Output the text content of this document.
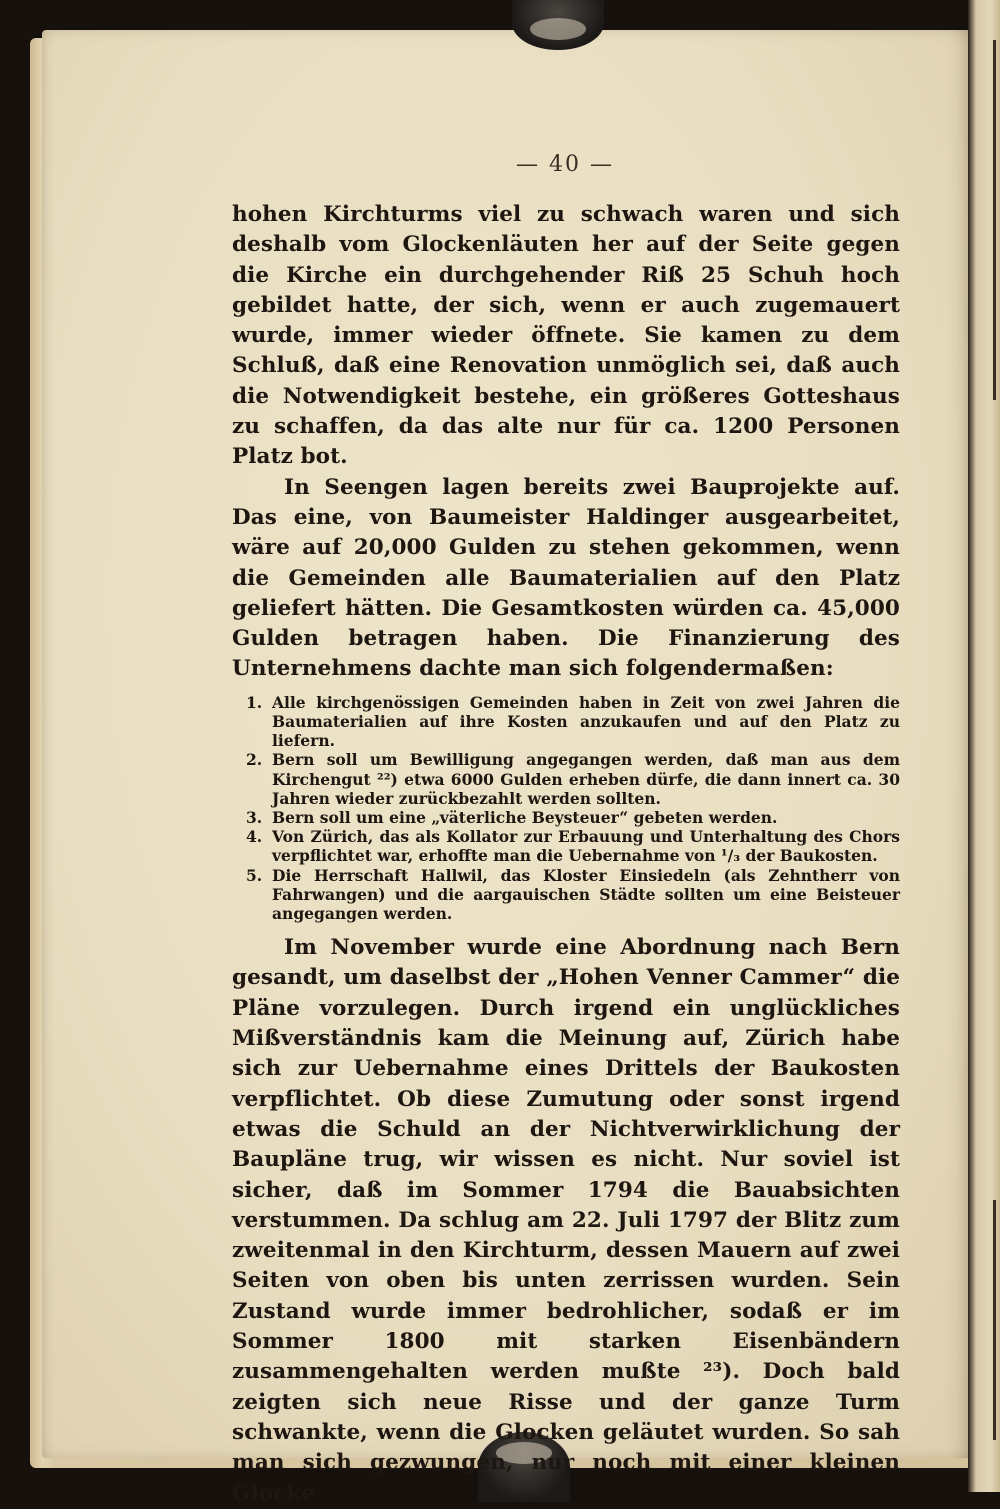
— 40 —

hohen Kirchturms viel zu schwach waren und sich deshalb vom Glockenläuten her auf der Seite gegen die Kirche ein durchgehender Riß 25 Schuh hoch gebildet hatte, der sich, wenn er auch zugemauert wurde, immer wieder öffnete. Sie kamen zu dem Schluß, daß eine Renovation unmöglich sei, daß auch die Notwendigkeit bestehe, ein größeres Gotteshaus zu schaffen, da das alte nur für ca. 1200 Personen Platz bot.

In Seengen lagen bereits zwei Bauprojekte auf. Das eine, von Baumeister Haldinger ausgearbeitet, wäre auf 20,000 Gulden zu stehen gekommen, wenn die Gemeinden alle Baumaterialien auf den Platz geliefert hätten. Die Gesamtkosten würden ca. 45,000 Gulden betragen haben. Die Finanzierung des Unternehmens dachte man sich folgendermaßen:

1. Alle kirchgenössigen Gemeinden haben in Zeit von zwei Jahren die Baumaterialien auf ihre Kosten anzukaufen und auf den Platz zu liefern.
2. Bern soll um Bewilligung angegangen werden, daß man aus dem Kirchengut ²²) etwa 6000 Gulden erheben dürfe, die dann innert ca. 30 Jahren wieder zurückbezahlt werden sollten.
3. Bern soll um eine „väterliche Beysteuer“ gebeten werden.
4. Von Zürich, das als Kollator zur Erbauung und Unterhaltung des Chors verpflichtet war, erhoffte man die Uebernahme von ¹/₃ der Baukosten.
5. Die Herrschaft Hallwil, das Kloster Einsiedeln (als Zehntherr von Fahrwangen) und die aargauischen Städte sollten um eine Beisteuer angegangen werden.

Im November wurde eine Abordnung nach Bern gesandt, um daselbst der „Hohen Venner Cammer“ die Pläne vorzulegen. Durch irgend ein unglückliches Mißverständnis kam die Meinung auf, Zürich habe sich zur Uebernahme eines Drittels der Baukosten verpflichtet. Ob diese Zumutung oder sonst irgend etwas die Schuld an der Nichtverwirklichung der Baupläne trug, wir wissen es nicht. Nur soviel ist sicher, daß im Sommer 1794 die Bauabsichten verstummen. Da schlug am 22. Juli 1797 der Blitz zum zweitenmal in den Kirchturm, dessen Mauern auf zwei Seiten von oben bis unten zerrissen wurden. Sein Zustand wurde immer bedrohlicher, sodaß er im Sommer 1800 mit starken Eisenbändern zusammengehalten werden mußte ²³). Doch bald zeigten sich neue Risse und der ganze Turm schwankte, wenn die Glocken geläutet wurden. So sah man sich gezwungen, nur noch mit einer kleinen Glocke
